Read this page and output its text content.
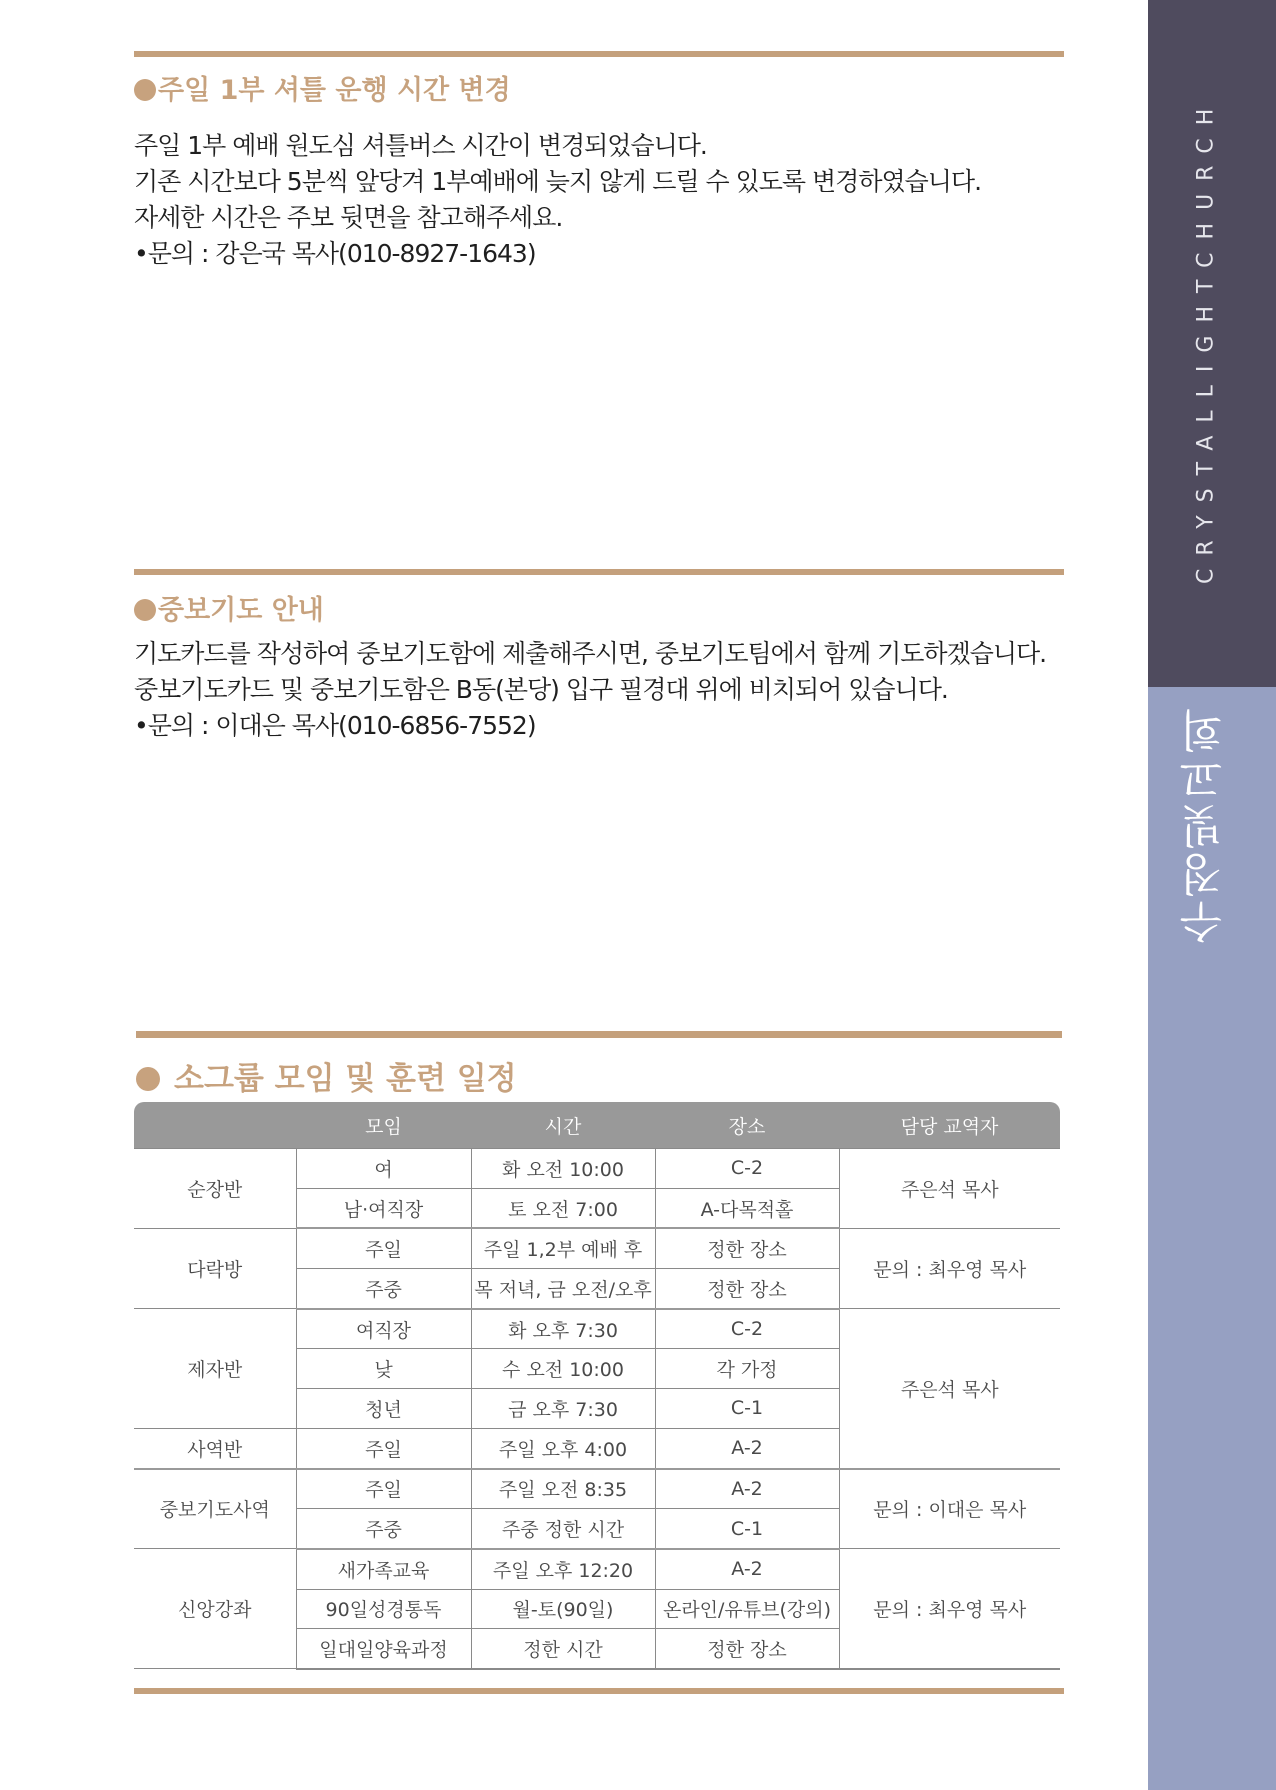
CRYSTALLIGHTCHURCH
수정빛교회
주일 1부 셔틀 운행 시간 변경
주일 1부 예배 원도심 셔틀버스 시간이 변경되었습니다.
기존 시간보다 5분씩 앞당겨 1부예배에 늦지 않게 드릴 수 있도록 변경하였습니다.
자세한 시간은 주보 뒷면을 참고해주세요.
•문의 : 강은국 목사(010-8927-1643)
중보기도 안내
기도카드를 작성하여 중보기도함에 제출해주시면, 중보기도팀에서 함께 기도하겠습니다.
중보기도카드 및 중보기도함은 B동(본당) 입구 필경대 위에 비치되어 있습니다.
•문의 : 이대은 목사(010-6856-7552)
소그룹 모임 및 훈련 일정
	모임	시간	장소	담당 교역자
순장반	여	화 오전 10:00	C-2	주은석 목사
	남·여직장	토 오전 7:00	A-다목적홀	
다락방	주일	주일 1,2부 예배 후	정한 장소	문의 : 최우영 목사
	주중	목 저녁, 금 오전/오후	정한 장소	
제자반	여직장	화 오후 7:30	C-2	주은석 목사
	낮	수 오전 10:00	각 가정	
	청년	금 오후 7:30	C-1	
사역반	주일	주일 오후 4:00	A-2	
중보기도사역	주일	주일 오전 8:35	A-2	문의 : 이대은 목사
	주중	주중 정한 시간	C-1	
신앙강좌	새가족교육	주일 오후 12:20	A-2	문의 : 최우영 목사
	90일성경통독	월-토(90일)	온라인/유튜브(강의)	
	일대일양육과정	정한 시간	정한 장소	
